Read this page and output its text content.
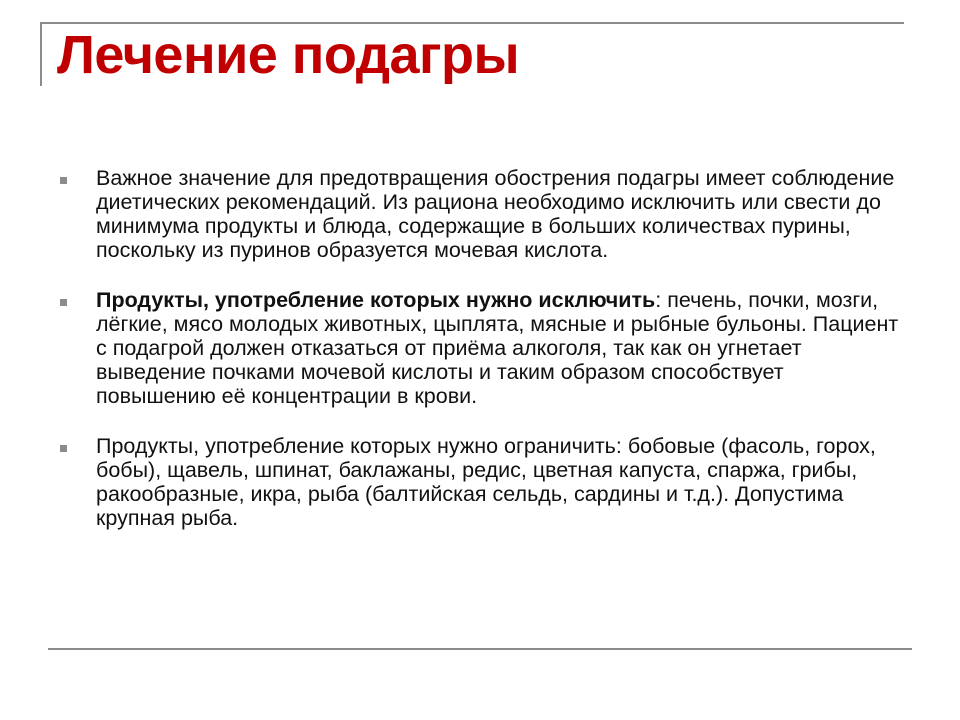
Лечение подагры
Важное значение для предотвращения обострения подагры имеет соблюдение диетических рекомендаций. Из рациона необходимо исключить или свести до минимума продукты и блюда, содержащие в больших количествах пурины, поскольку из пуринов образуется мочевая кислота.
Продукты, употребление которых нужно исключить: печень, почки, мозги, лёгкие, мясо молодых животных, цыплята, мясные и рыбные бульоны. Пациент с подагрой должен отказаться от приёма алкоголя, так как он угнетает выведение почками мочевой кислоты и таким образом способствует повышению её концентрации в крови.
Продукты, употребление которых нужно ограничить: бобовые (фасоль, горох, бобы), щавель, шпинат, баклажаны, редис, цветная капуста, спаржа, грибы, ракообразные, икра, рыба (балтийская сельдь, сардины и т.д.). Допустима крупная рыба.
